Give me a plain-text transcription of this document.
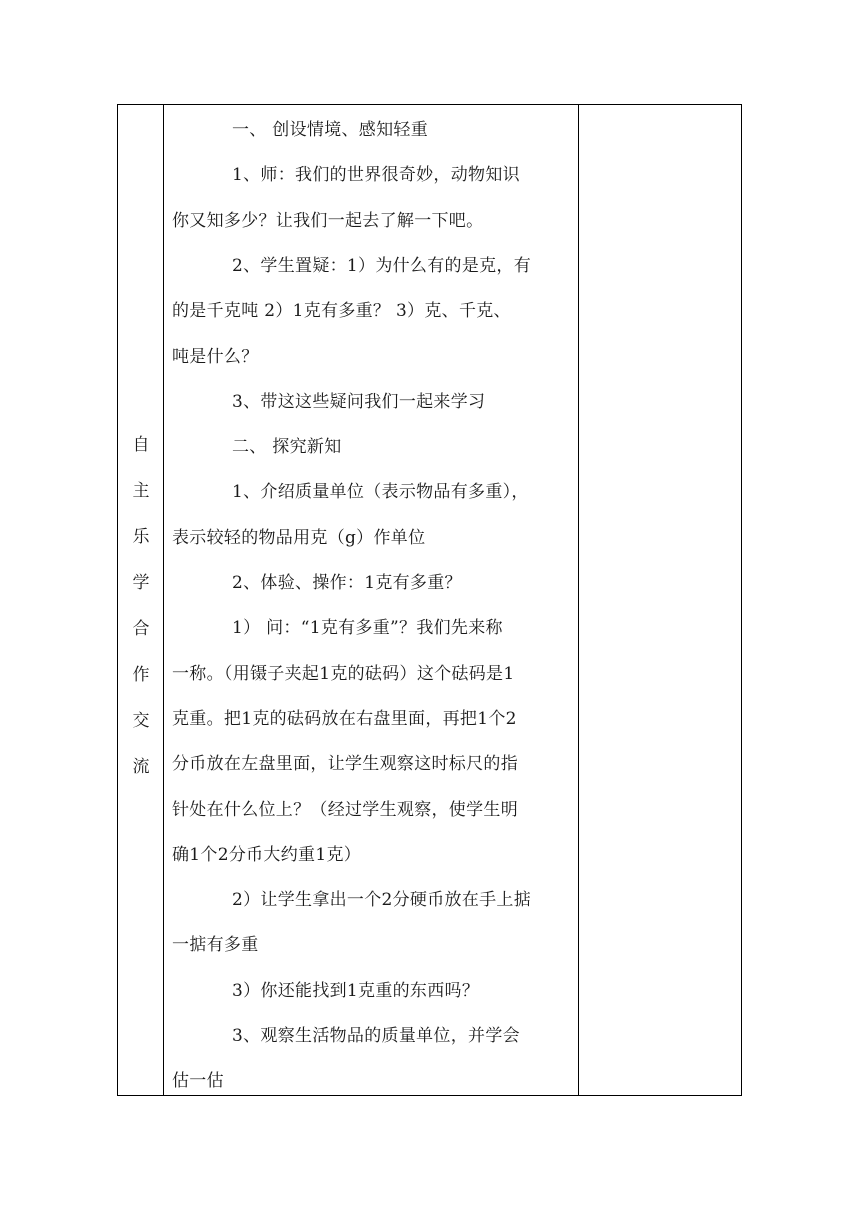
自
主
乐
学
合
作
交
流
一、 创设情境、感知轻重
1、师：我们的世界很奇妙，动物知识
你又知多少？让我们一起去了解一下吧。
2、学生置疑：1）为什么有的是克，有
的是千克吨 2）1克有多重？ 3）克、千克、
吨是什么？
3、带这这些疑问我们一起来学习
二、 探究新知
1、介绍质量单位（表示物品有多重），
表示较轻的物品用克（g）作单位
2、体验、操作：1克有多重？
1） 问：“1克有多重”？我们先来称
一称。（用镊子夹起1克的砝码）这个砝码是1
克重。把1克的砝码放在右盘里面，再把1个2
分币放在左盘里面，让学生观察这时标尺的指
针处在什么位上？（经过学生观察，使学生明
确1个2分币大约重1克）
2）让学生拿出一个2分硬币放在手上掂
一掂有多重
3）你还能找到1克重的东西吗？
3、观察生活物品的质量单位，并学会
估一估
